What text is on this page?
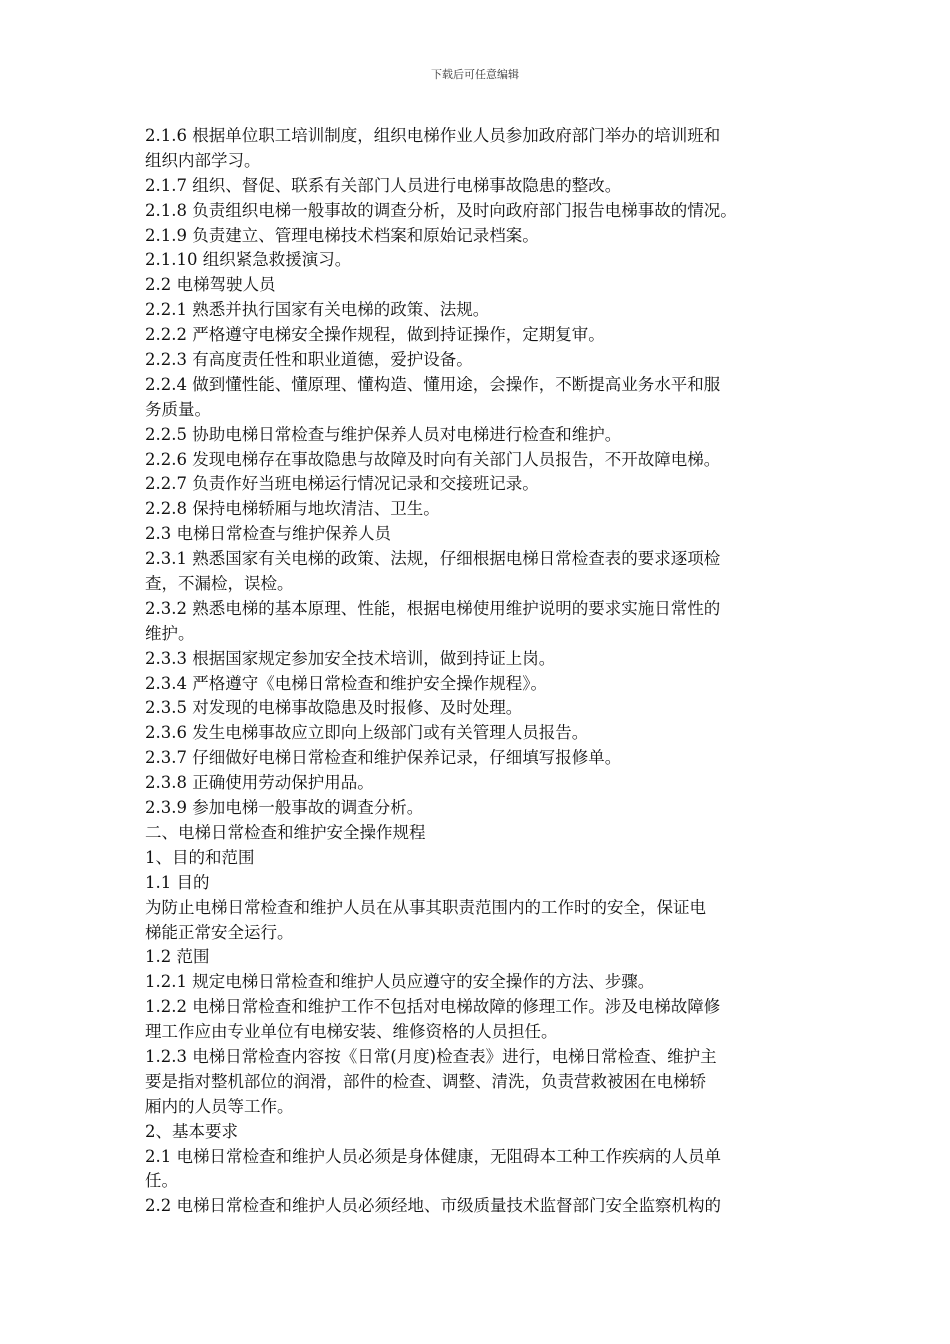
下载后可任意编辑
2.1.6 根据单位职工培训制度，组织电梯作业人员参加政府部门举办的培训班和
组织内部学习。
2.1.7 组织、督促、联系有关部门人员进行电梯事故隐患的整改。
2.1.8 负责组织电梯一般事故的调查分析，及时向政府部门报告电梯事故的情况。
2.1.9 负责建立、管理电梯技术档案和原始记录档案。
2.1.10 组织紧急救援演习。
2.2 电梯驾驶人员
2.2.1 熟悉并执行国家有关电梯的政策、法规。
2.2.2 严格遵守电梯安全操作规程，做到持证操作，定期复审。
2.2.3 有高度责任性和职业道德，爱护设备。
2.2.4 做到懂性能、懂原理、懂构造、懂用途，会操作，不断提高业务水平和服
务质量。
2.2.5 协助电梯日常检查与维护保养人员对电梯进行检查和维护。
2.2.6 发现电梯存在事故隐患与故障及时向有关部门人员报告，不开故障电梯。
2.2.7 负责作好当班电梯运行情况记录和交接班记录。
2.2.8 保持电梯轿厢与地坎清洁、卫生。
2.3 电梯日常检查与维护保养人员
2.3.1 熟悉国家有关电梯的政策、法规，仔细根据电梯日常检查表的要求逐项检
查，不漏检，误检。
2.3.2 熟悉电梯的基本原理、性能，根据电梯使用维护说明的要求实施日常性的
维护。
2.3.3 根据国家规定参加安全技术培训，做到持证上岗。
2.3.4 严格遵守《电梯日常检查和维护安全操作规程》。
2.3.5 对发现的电梯事故隐患及时报修、及时处理。
2.3.6 发生电梯事故应立即向上级部门或有关管理人员报告。
2.3.7 仔细做好电梯日常检查和维护保养记录，仔细填写报修单。
2.3.8 正确使用劳动保护用品。
2.3.9 参加电梯一般事故的调查分析。
二、电梯日常检查和维护安全操作规程
1、目的和范围
1.1 目的
为防止电梯日常检查和维护人员在从事其职责范围内的工作时的安全，保证电
梯能正常安全运行。
1.2 范围
1.2.1 规定电梯日常检查和维护人员应遵守的安全操作的方法、步骤。
1.2.2 电梯日常检查和维护工作不包括对电梯故障的修理工作。涉及电梯故障修
理工作应由专业单位有电梯安装、维修资格的人员担任。
1.2.3 电梯日常检查内容按《日常(月度)检查表》进行，电梯日常检查、维护主
要是指对整机部位的润滑，部件的检查、调整、清洗，负责营救被困在电梯轿
厢内的人员等工作。
2、基本要求
2.1 电梯日常检查和维护人员必须是身体健康，无阻碍本工种工作疾病的人员单
任。
2.2 电梯日常检查和维护人员必须经地、市级质量技术监督部门安全监察机构的
